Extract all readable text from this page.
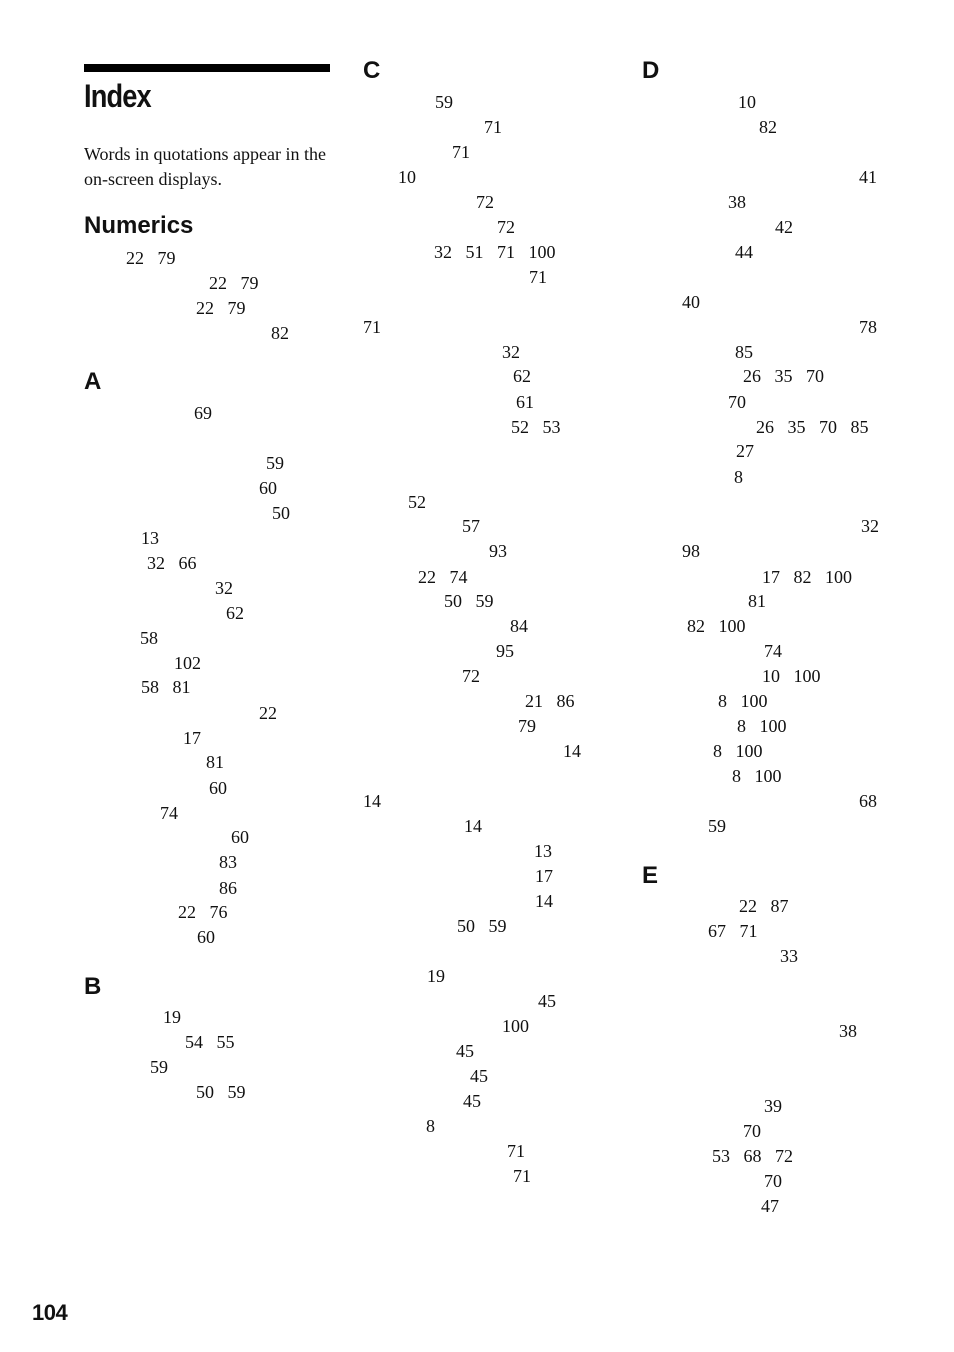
Index

Words in quotations appear in the on-screen displays.

Numerics
22   79
22   79
22   79
82
A
69
59
60
50
13
32   66
32
62
58
102
58   81
22
17
81
60
74
60
83
86
22   76
60
B
19
54   55
59
50   59
C
59
71
71
10
72
72
32   51   71   100
71
71
32
62
61
52   53
52
57
93
22   74
50   59
84
95
72
21   86
79
14
14
14
13
17
14
50   59
19
45
100
45
45
45
8
71
71
D
10
82
41
38
42
44
40
78
85
26   35   70
70
26   35   70   85
27
8
32
98
17   82   100
81
82   100
74
10   100
8   100
8   100
8   100
8   100
68
59
E
22   87
67   71
33
38
39
70
53   68   72
70
47

104
